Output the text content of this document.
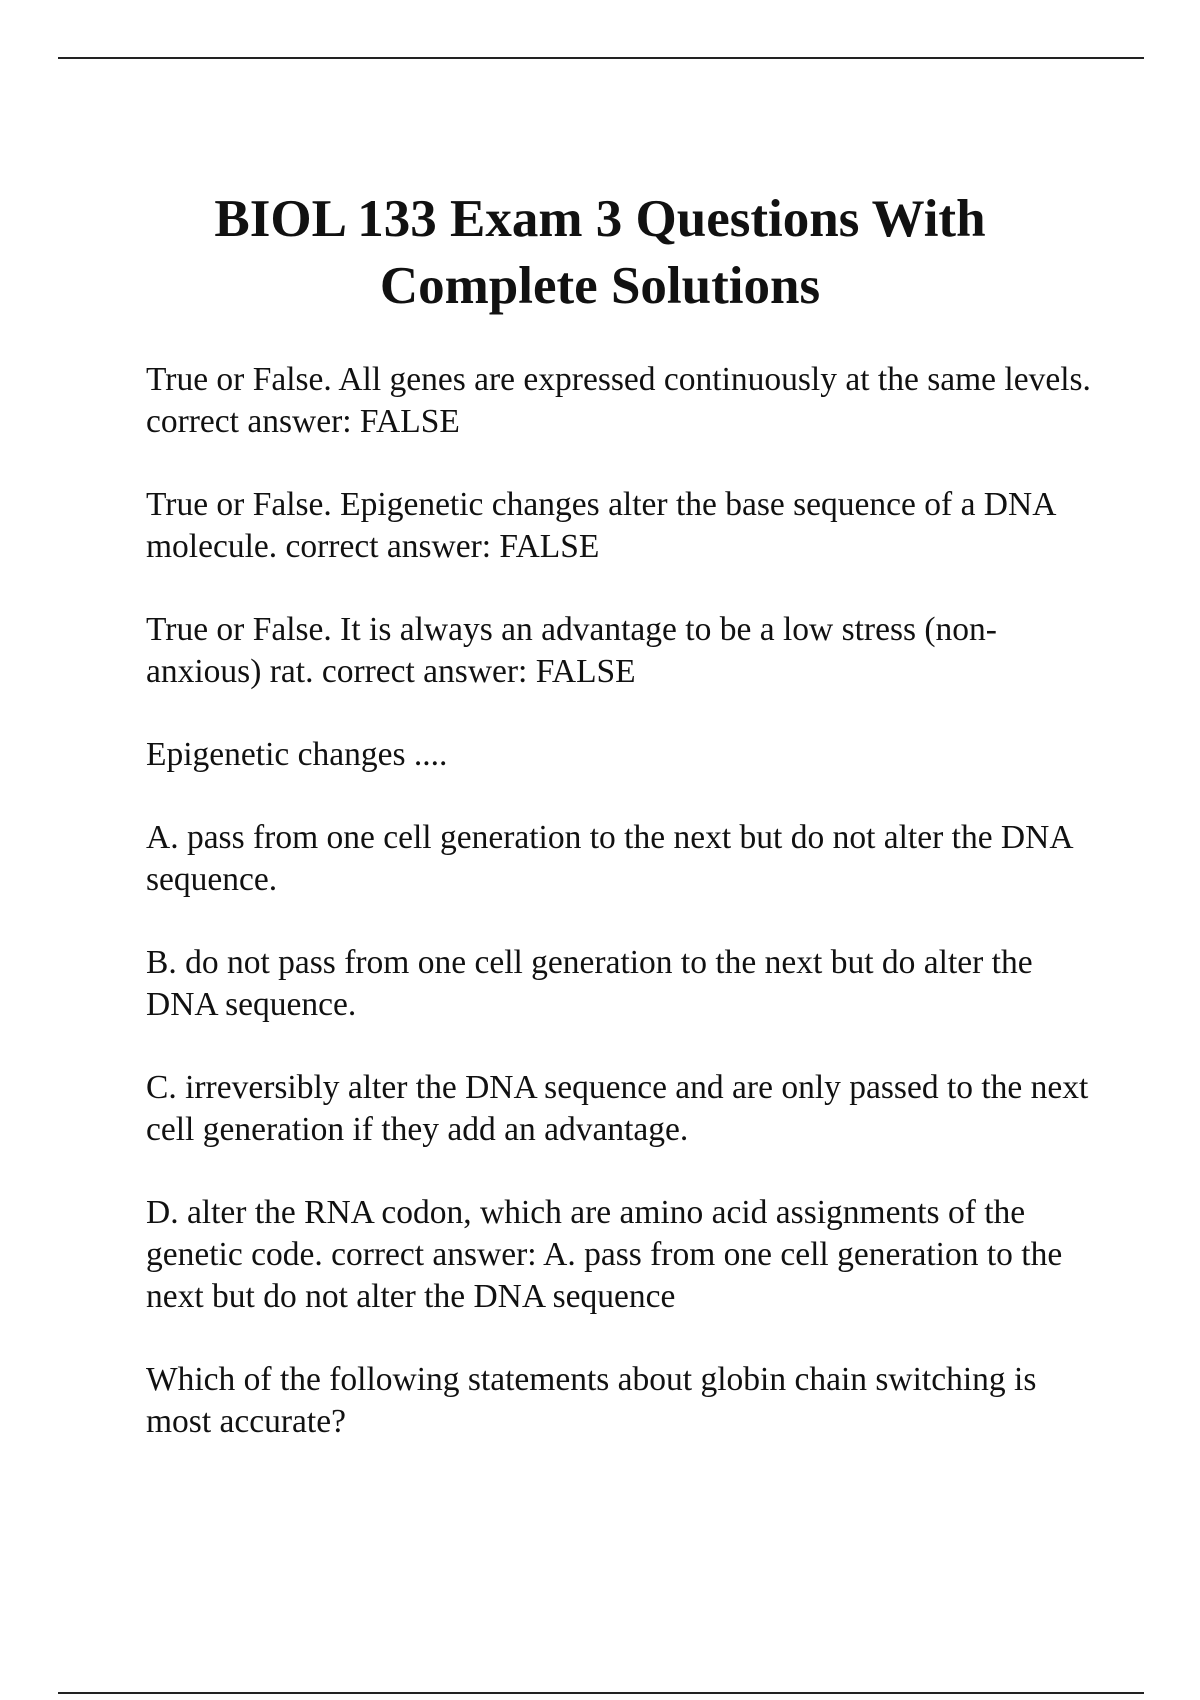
BIOL 133 Exam 3 Questions With Complete Solutions

True or False. All genes are expressed continuously at the same levels. correct answer: FALSE

True or False. Epigenetic changes alter the base sequence of a DNA molecule. correct answer: FALSE

True or False. It is always an advantage to be a low stress (non-anxious) rat. correct answer: FALSE

Epigenetic changes ....

A. pass from one cell generation to the next but do not alter the DNA sequence.

B. do not pass from one cell generation to the next but do alter the DNA sequence.

C. irreversibly alter the DNA sequence and are only passed to the next cell generation if they add an advantage.

D. alter the RNA codon, which are amino acid assignments of the genetic code. correct answer: A. pass from one cell generation to the next but do not alter the DNA sequence

Which of the following statements about globin chain switching is most accurate?
